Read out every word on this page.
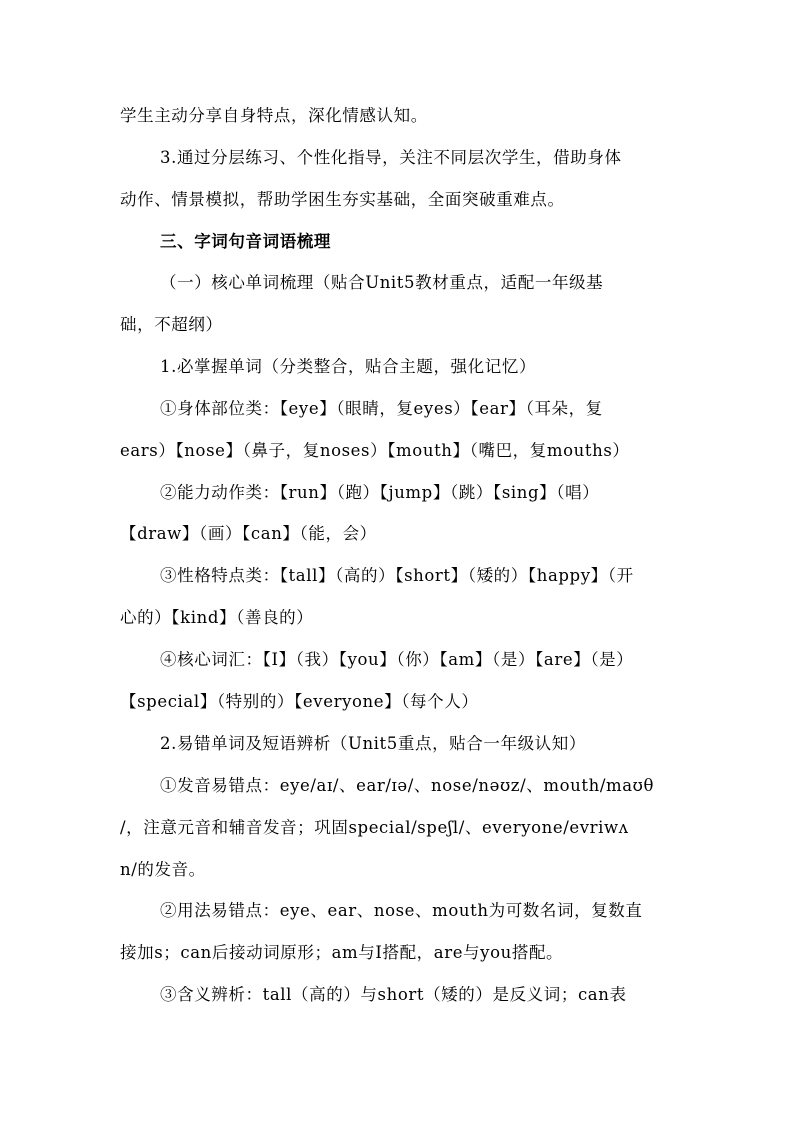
学生主动分享自身特点，深化情感认知。
3.通过分层练习、个性化指导，关注不同层次学生，借助身体
动作、情景模拟，帮助学困生夯实基础，全面突破重难点。
三、字词句音词语梳理
（一）核心单词梳理（贴合Unit5教材重点，适配一年级基
础，不超纲）
1.必掌握单词（分类整合，贴合主题，强化记忆）
①身体部位类：【eye】（眼睛，复eyes）【ear】（耳朵，复
ears）【nose】（鼻子，复noses）【mouth】（嘴巴，复mouths）
②能力动作类：【run】（跑）【jump】（跳）【sing】（唱）
【draw】（画）【can】（能，会）
③性格特点类：【tall】（高的）【short】（矮的）【happy】（开
心的）【kind】（善良的）
④核心词汇：【I】（我）【you】（你）【am】（是）【are】（是）
【special】（特别的）【everyone】（每个人）
2.易错单词及短语辨析（Unit5重点，贴合一年级认知）
①发音易错点：eye/aɪ/、ear/ɪə/、nose/nəʊz/、mouth/maʊθ
/，注意元音和辅音发音；巩固special/speʃl/、everyone/evriwʌ
n/的发音。
②用法易错点：eye、ear、nose、mouth为可数名词，复数直
接加s；can后接动词原形；am与I搭配，are与you搭配。
③含义辨析：tall（高的）与short（矮的）是反义词；can表
